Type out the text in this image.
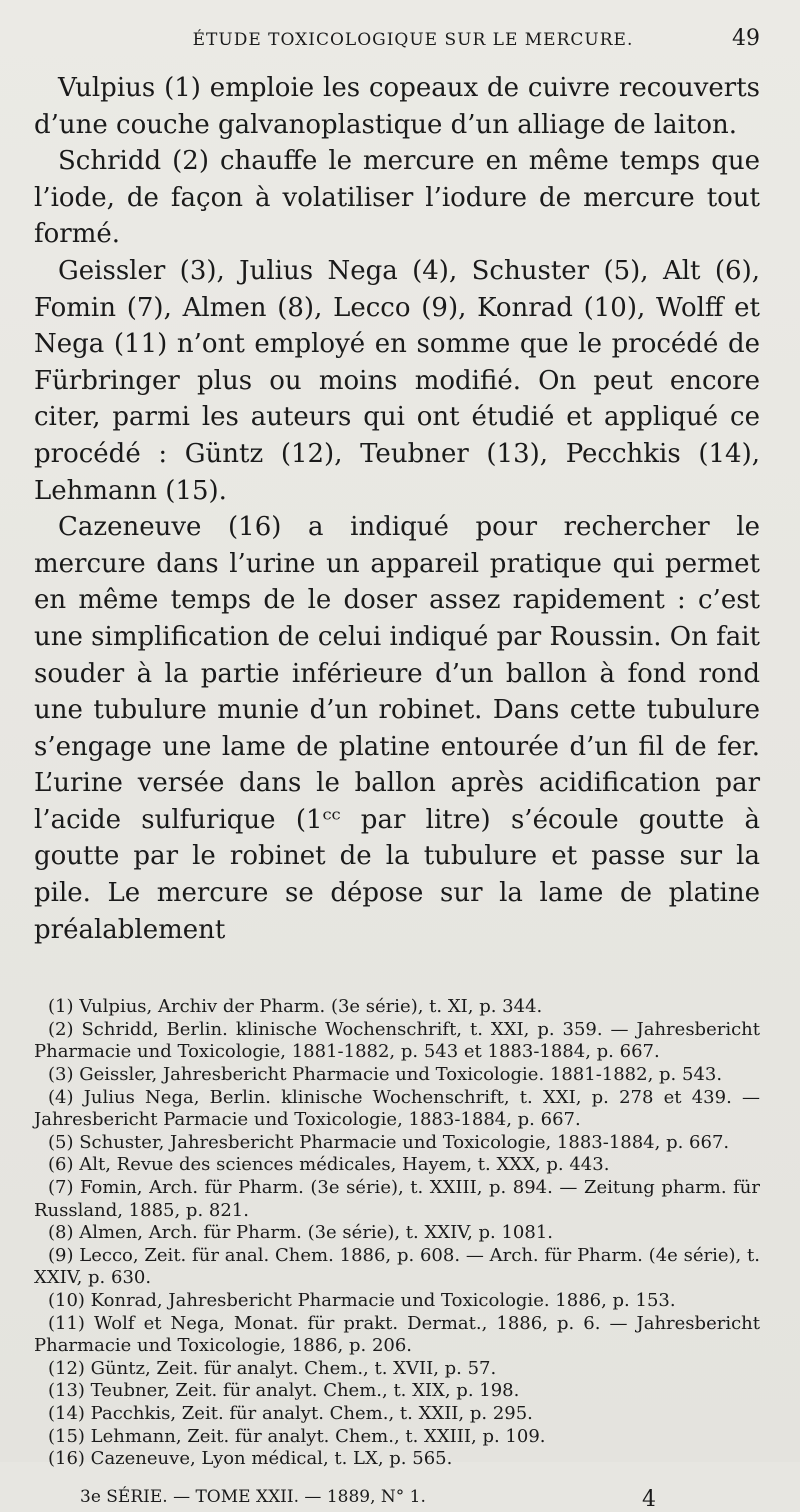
ÉTUDE TOXICOLOGIQUE SUR LE MERCURE.	49

Vulpius (1) emploie les copeaux de cuivre recouverts d’une couche galvanoplastique d’un alliage de laiton.

Schridd (2) chauffe le mercure en même temps que l’iode, de façon à volatiliser l’iodure de mercure tout formé.

Geissler (3), Julius Nega (4), Schuster (5), Alt (6), Fomin (7), Almen (8), Lecco (9), Konrad (10), Wolff et Nega (11) n’ont employé en somme que le procédé de Fürbringer plus ou moins modifié. On peut encore citer, parmi les auteurs qui ont étudié et appliqué ce procédé : Güntz (12), Teubner (13), Pecchkis (14), Lehmann (15).

Cazeneuve (16) a indiqué pour rechercher le mercure dans l’urine un appareil pratique qui permet en même temps de le doser assez rapidement : c’est une simplification de celui indiqué par Roussin. On fait souder à la partie inférieure d’un ballon à fond rond une tubulure munie d’un robinet. Dans cette tubulure s’engage une lame de platine entourée d’un fil de fer. L’urine versée dans le ballon après acidification par l’acide sulfurique (1ᶜᶜ par litre) s’écoule goutte à goutte par le robinet de la tubulure et passe sur la pile. Le mercure se dépose sur la lame de platine préalablement

(1) Vulpius, Archiv der Pharm. (3e série), t. XI, p. 344.

(2) Schridd, Berlin. klinische Wochenschrift, t. XXI, p. 359. — Jahresbericht Pharmacie und Toxicologie, 1881-1882, p. 543 et 1883-1884, p. 667.

(3) Geissler, Jahresbericht Pharmacie und Toxicologie. 1881-1882, p. 543.

(4) Julius Nega, Berlin. klinische Wochenschrift, t. XXI, p. 278 et 439. — Jahresbericht Parmacie und Toxicologie, 1883-1884, p. 667.

(5) Schuster, Jahresbericht Pharmacie und Toxicologie, 1883-1884, p. 667.

(6) Alt, Revue des sciences médicales, Hayem, t. XXX, p. 443.

(7) Fomin, Arch. für Pharm. (3e série), t. XXIII, p. 894. — Zeitung pharm. für Russland, 1885, p. 821.

(8) Almen, Arch. für Pharm. (3e série), t. XXIV, p. 1081.

(9) Lecco, Zeit. für anal. Chem. 1886, p. 608. — Arch. für Pharm. (4e série), t. XXIV, p. 630.

(10) Konrad, Jahresbericht Pharmacie und Toxicologie. 1886, p. 153.

(11) Wolf et Nega, Monat. für prakt. Dermat., 1886, p. 6. — Jahresbericht Pharmacie und Toxicologie, 1886, p. 206.

(12) Güntz, Zeit. für analyt. Chem., t. XVII, p. 57.

(13) Teubner, Zeit. für analyt. Chem., t. XIX, p. 198.

(14) Pacchkis, Zeit. für analyt. Chem., t. XXII, p. 295.

(15) Lehmann, Zeit. für analyt. Chem., t. XXIII, p. 109.

(16) Cazeneuve, Lyon médical, t. LX, p. 565.

3e SÉRIE. — TOME XXII. — 1889, N° 1.	4
